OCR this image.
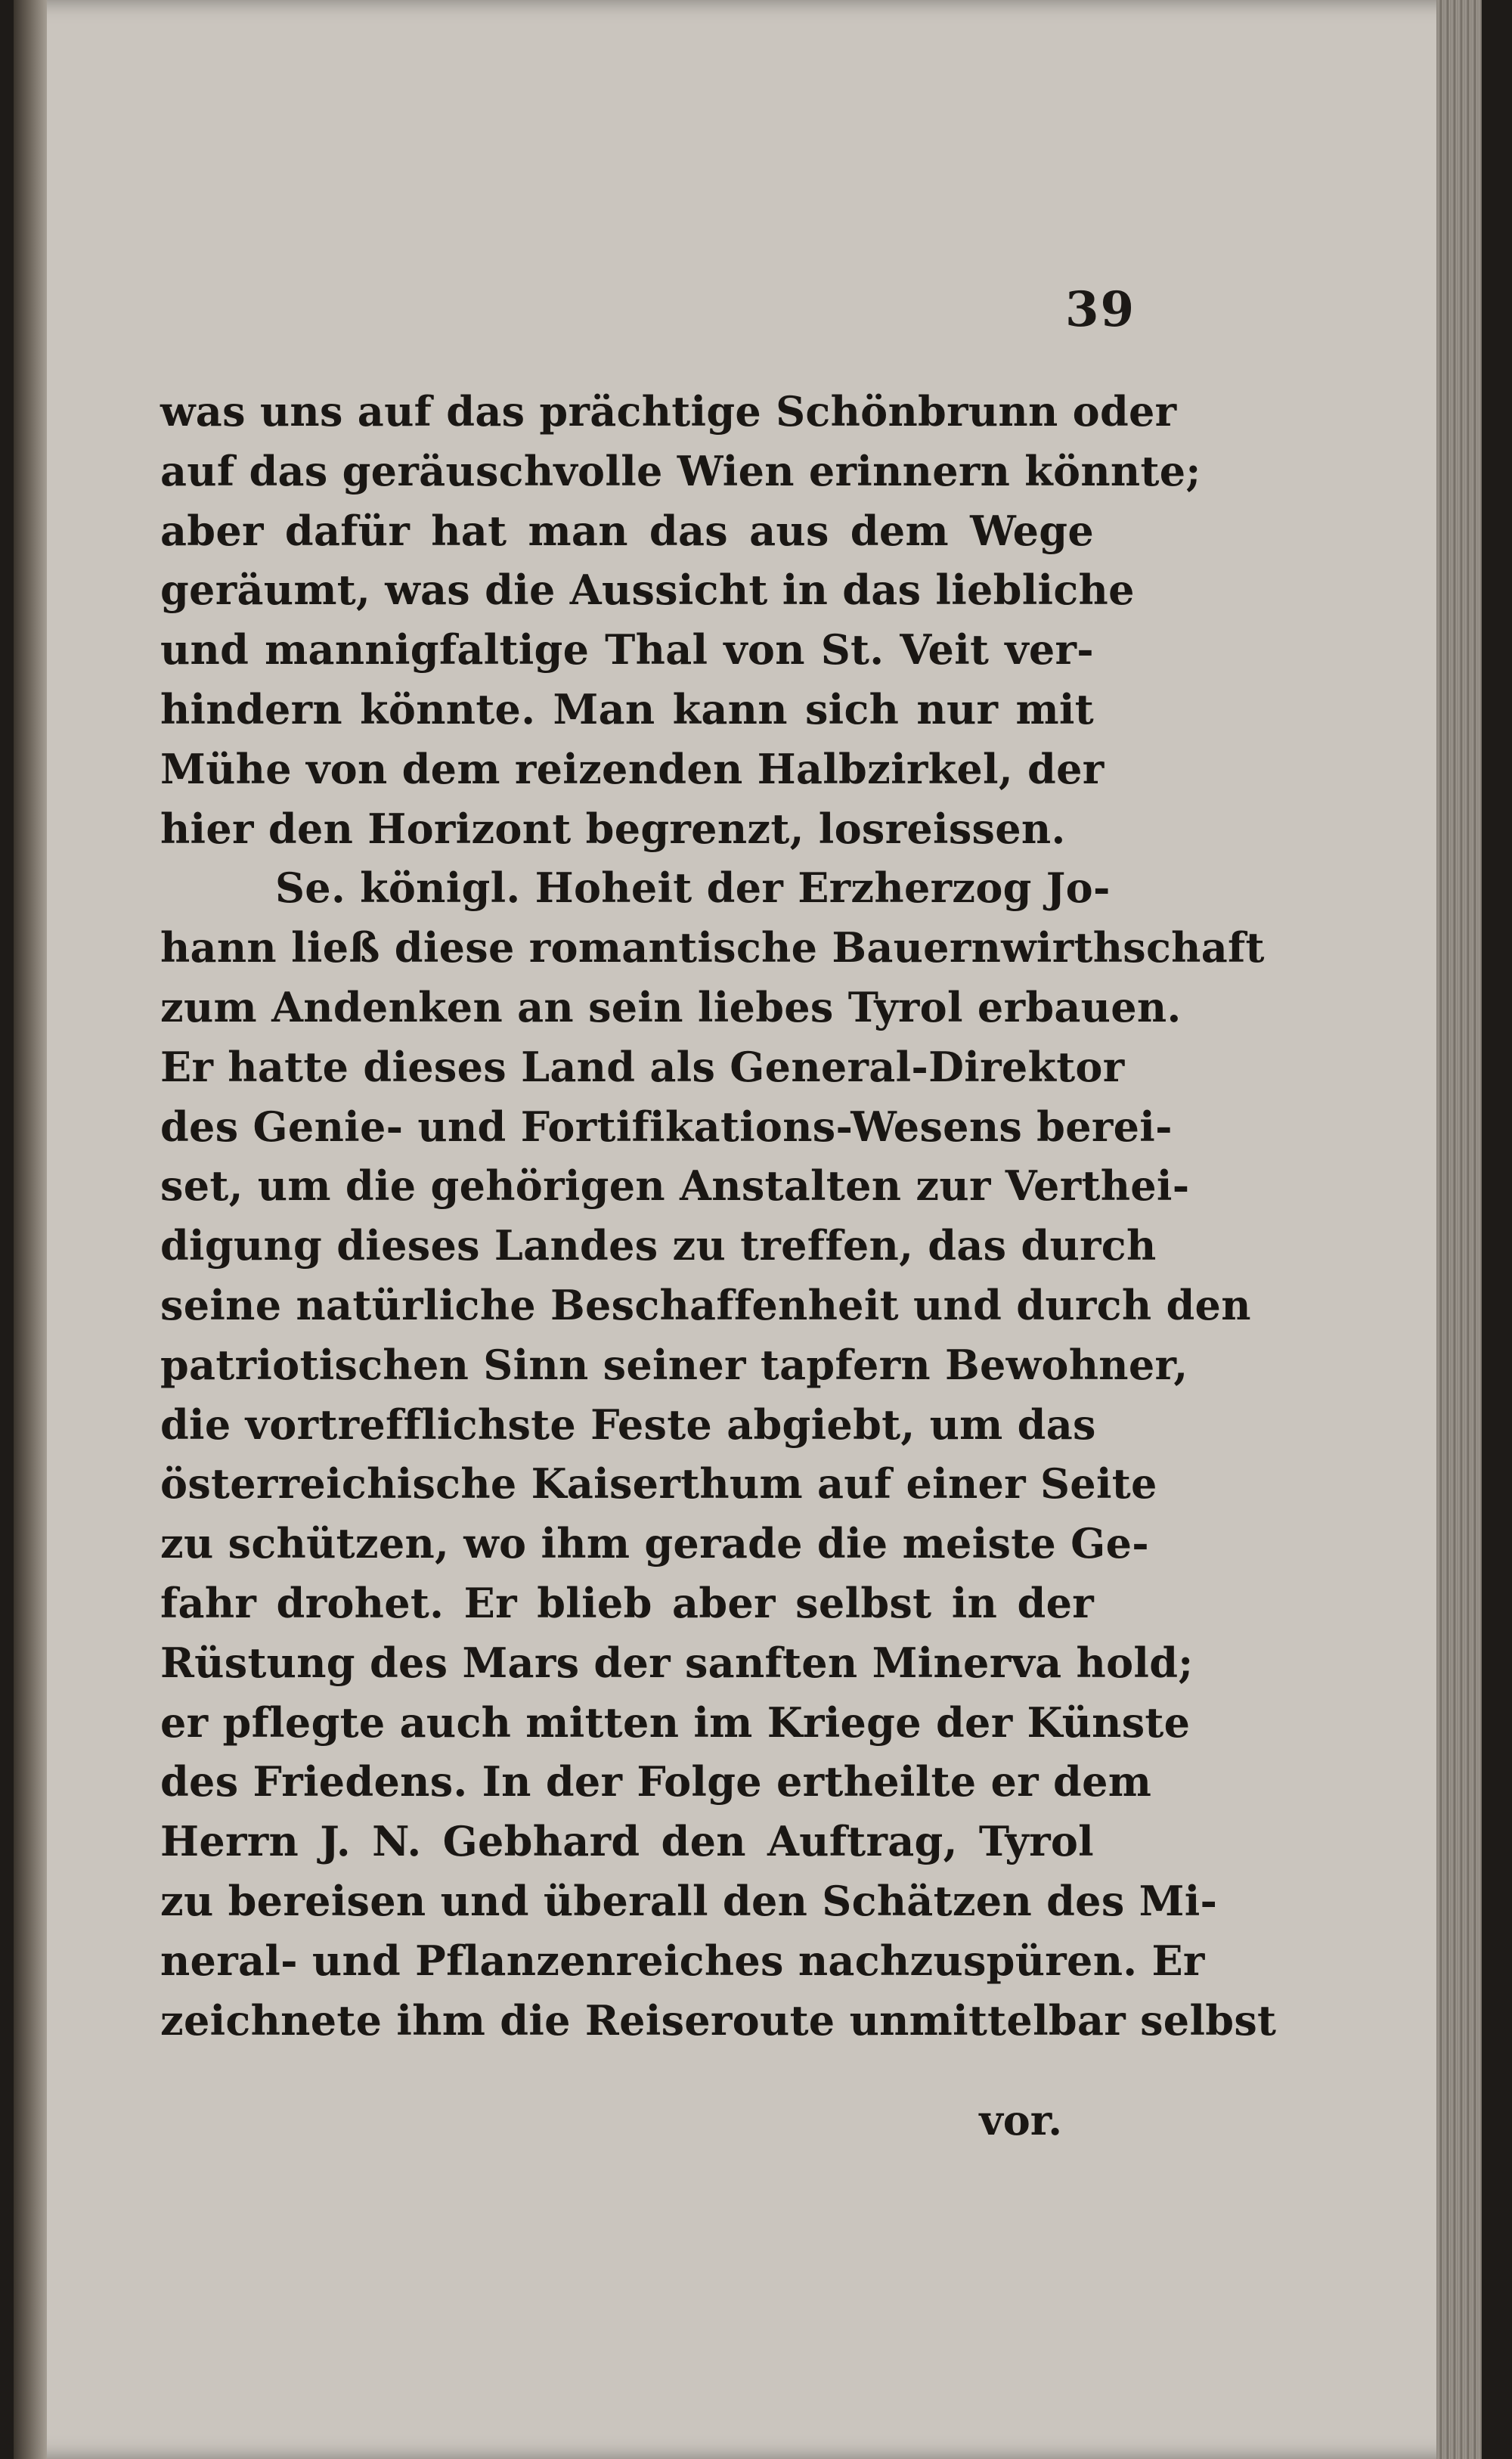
39
was uns auf das prächtige Schönbrunn oder
auf das geräuschvolle Wien erinnern könnte;
aber dafür hat man das aus dem Wege
geräumt, was die Aussicht in das liebliche
und mannigfaltige Thal von St. Veit ver-
hindern könnte. Man kann sich nur mit
Mühe von dem reizenden Halbzirkel, der
hier den Horizont begrenzt, losreissen.
Se. königl. Hoheit der Erzherzog Jo-
hann ließ diese romantische Bauernwirthschaft
zum Andenken an sein liebes Tyrol erbauen.
Er hatte dieses Land als General-Direktor
des Genie- und Fortifikations-Wesens berei-
set, um die gehörigen Anstalten zur Verthei-
digung dieses Landes zu treffen, das durch
seine natürliche Beschaffenheit und durch den
patriotischen Sinn seiner tapfern Bewohner,
die vortrefflichste Feste abgiebt, um das
österreichische Kaiserthum auf einer Seite
zu schützen, wo ihm gerade die meiste Ge-
fahr drohet. Er blieb aber selbst in der
Rüstung des Mars der sanften Minerva hold;
er pflegte auch mitten im Kriege der Künste
des Friedens. In der Folge ertheilte er dem
Herrn J. N. Gebhard den Auftrag, Tyrol
zu bereisen und überall den Schätzen des Mi-
neral- und Pflanzenreiches nachzuspüren. Er
zeichnete ihm die Reiseroute unmittelbar selbst
vor.
